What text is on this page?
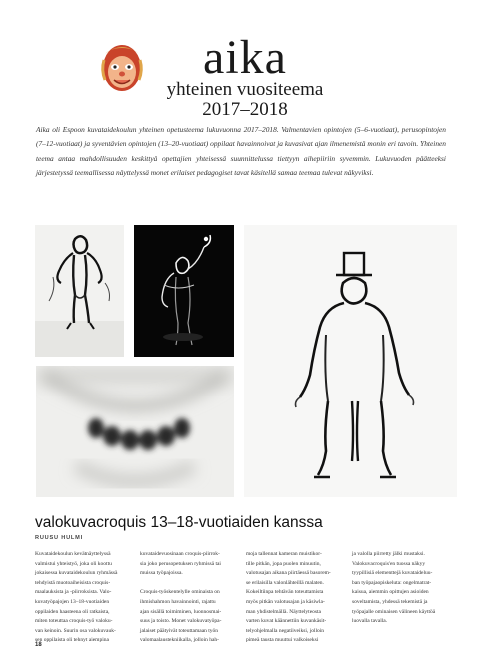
aika
yhteinen vuositeema
2017–2018
Aika oli Espoon kuvataidekoulun yhteinen opetusteema lukuvuonna 2017–2018. Valmentavien opintojen (5–6-vuotiaat), perusopintojen (7–12-vuotiaat) ja syventävien opintojen (13–20-vuotiaat) oppilaat havainnoivat ja kuvasivat ajan ilmenemistä monin eri tavoin. Yhteinen teema antaa mahdollisuuden keskittyä opettajien yhteisessä suunnittelussa tiettyyn aihepiiriin syvemmin. Lukuvuoden päätteeksi järjestetyssä teemallisessa näyttelyssä monet erilaiset pedagogiset tavat käsitellä samaa teemaa tulevat näkyviksi.
valokuvacroquis 13–18-vuotiaiden kanssa
RUUSU HULMI
Kuvataidekoulun kevätnäyttelyssä
valmistui yhteistyö, joka oli koottu
jokaisessa kuvataidekoulun ryhmässä
tehdyistä muotoaiheisista croquis-
maalauksista ja -piirroksista. Valo-
kuvatyöpajojen 13–18-vuotiaiden
oppilaiden haasteena oli ratkaista,
miten toteuttaa croquis-työ valoku-
van keinoin. Suurin osa valokuvauk-
sen oppilaista oli tehnyt aiempina
kuvataidevuosinaan croquis-piirrok-
sia joko perusopetuksen ryhmissä tai
muissa työpajoissa.

Croquis-työskentelylle ominaista on
ihmishahmon havainnointi, rajattu
ajan sisällä toimiminen, luonnosmai-
suus ja toisto. Monet valokuvatyöpa-
jalaiset päätyivät toteuttamaan työn
valomaalaustekniikalla, jolloin hah-
moja tallennat kameran muistikor-
tille pitkän, jopa puolen minuutin,
valotusajan aikana piirtäessä basorem-
se erilaisilla valonlähteillä malaten.
Kokeiltiinpa tehtävän toteuttamista
myös pitkän valotusajan ja käsiwla-
man yhdistelmällä. Näyttelyteosta
varten kuvat käännettiin kuvankäsit-
telyohjelmalla negatiiveiksi, jolloin
pimeä tausta muuttui valkoiseksi
ja valolla piirretty jälki mustaksi.
Valokuvacroquis'en tuossa näkyy
tyypillisiä elementtejä kuvataideluu-
ban työpajaopiskeluta: ongelmatrat-
kaisua, aiemmin opittujen asioiden
soveltamista, yhdessä tekemistä ja
työpajalle ominaisen välineen käyttöä
luovalla tavalla.
18
